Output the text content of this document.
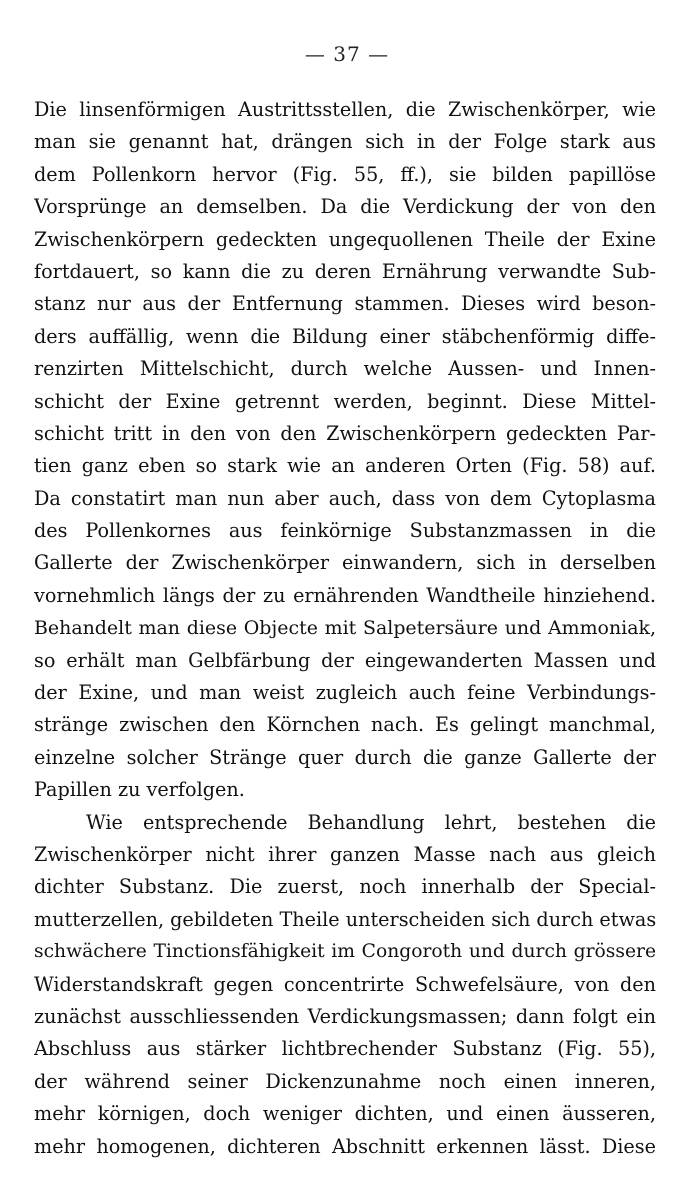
— 37 —
Die linsenförmigen Austrittsstellen, die Zwischenkörper, wie
man sie genannt hat, drängen sich in der Folge stark aus
dem Pollenkorn hervor (Fig. 55, ff.), sie bilden papillöse
Vorsprünge an demselben. Da die Verdickung der von den
Zwischenkörpern gedeckten ungequollenen Theile der Exine
fortdauert, so kann die zu deren Ernährung verwandte Sub-
stanz nur aus der Entfernung stammen. Dieses wird beson-
ders auffällig, wenn die Bildung einer stäbchenförmig diffe-
renzirten Mittelschicht, durch welche Aussen- und Innen-
schicht der Exine getrennt werden, beginnt. Diese Mittel-
schicht tritt in den von den Zwischenkörpern gedeckten Par-
tien ganz eben so stark wie an anderen Orten (Fig. 58) auf.
Da constatirt man nun aber auch, dass von dem Cytoplasma
des Pollenkornes aus feinkörnige Substanzmassen in die
Gallerte der Zwischenkörper einwandern, sich in derselben
vornehmlich längs der zu ernährenden Wandtheile hinziehend.
Behandelt man diese Objecte mit Salpetersäure und Ammoniak,
so erhält man Gelbfärbung der eingewanderten Massen und
der Exine, und man weist zugleich auch feine Verbindungs-
stränge zwischen den Körnchen nach. Es gelingt manchmal,
einzelne solcher Stränge quer durch die ganze Gallerte der
Papillen zu verfolgen.
Wie entsprechende Behandlung lehrt, bestehen die
Zwischenkörper nicht ihrer ganzen Masse nach aus gleich
dichter Substanz. Die zuerst, noch innerhalb der Special-
mutterzellen, gebildeten Theile unterscheiden sich durch etwas
schwächere Tinctionsfähigkeit im Congoroth und durch grössere
Widerstandskraft gegen concentrirte Schwefelsäure, von den
zunächst ausschliessenden Verdickungsmassen; dann folgt ein
Abschluss aus stärker lichtbrechender Substanz (Fig. 55),
der während seiner Dickenzunahme noch einen inneren,
mehr körnigen, doch weniger dichten, und einen äusseren,
mehr homogenen, dichteren Abschnitt erkennen lässt. Diese
